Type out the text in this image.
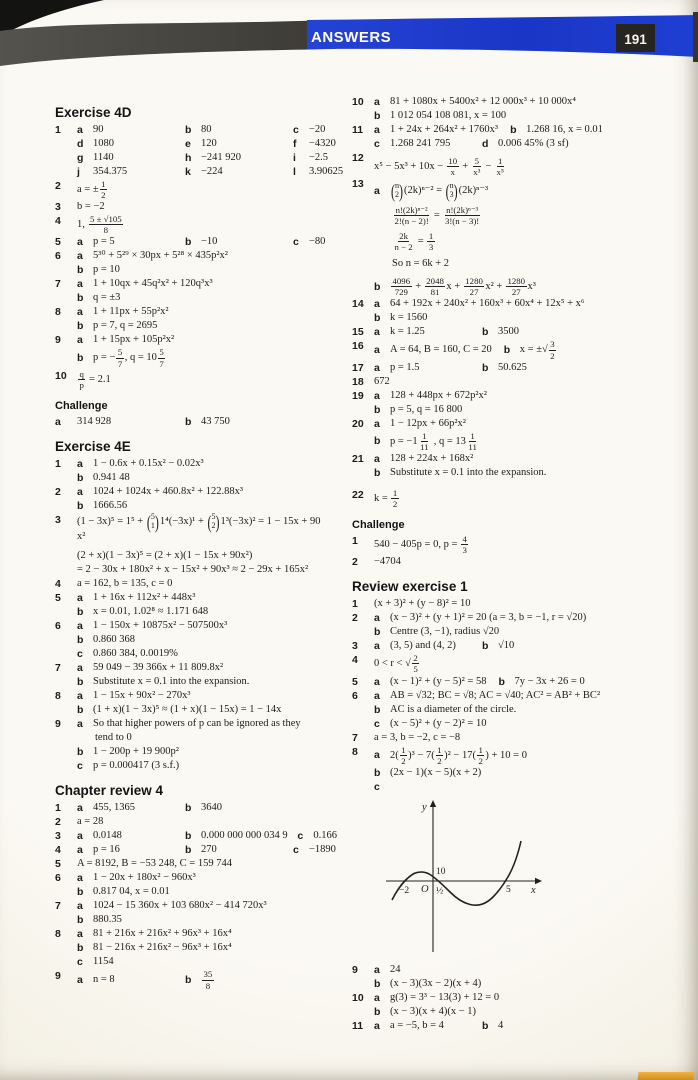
ANSWERS	191
Exercise 4D
1	a 90	b 80	c −20
d 1080	e 120	f	−4320
g 1140	h −241 920	i	−2.5
j	354.375	k −224	l	3.90625
2	a = ± $\frac{1}{2}$
3	b = −2
4	1, $\frac{5 \pm √105}{8}$
5	a p = 5	b −10	c −80
6	a 5³⁰ + 5²⁹ × 30px + 5²⁸ × 435p²x²
b p = 10
7	a 1 + 10qx + 45q²x² + 120q³x³
b q = ±3
8	a 1 + 11px + 55p²x²
b p = 7, q = 2695
9	a 1 + 15px + 105p²x²
b p = − $\frac{5}{7}$ , $q = 10 \frac{5}{7}$
10	$\frac{q}{p} = 2.1$
Challenge
a	314 928	b 43 750
Exercise 4E
1	a 1 − 0.6x + 0.15x² − 0.02x³
b 0.941 48
2	a 1024 + 1024x + 460.8x² + 122.88x³
b 1666.56
3	(1 − 3x)⁵ = 1⁵ + ( 5
1 ) 1⁴(−3x)¹ + ( 5
2 ) 1³(−3x)² = 1 − 15x + 90
x²
(2 + x)(1 − 3x)⁵ = (2 + x)(1 − 15x + 90x²)
= 2 − 30x + 180x² + x − 15x² + 90x³ ≈ 2 − 29x + 165x²
4	a = 162, b = 135, c = 0
5	a 1 + 16x + 112x² + 448x³
b x = 0.01, 1.02⁸ ≈ 1.171 648
6	a 1 − 150x + 10875x² − 507500x³
b 0.860 368
c 0.860 384, 0.0019%
7	a 59 049 − 39 366x + 11 809.8x²
b Substitute x = 0.1 into the expansion.
8	a 1 − 15x + 90x² − 270x³
b (1 + x)(1 − 3x)⁵ ≈ (1 + x)(1 − 15x) = 1 − 14x
9	a So that higher powers of p can be ignored as they
tend to 0
b 1 − 200p + 19 900p²
c p = 0.000417 (3 s.f.)
Chapter review 4
1	a 455, 1365	b 3640
2	a = 28
3	a 0.0148	b 0.000 000 000 034 9 c 0.166
4	a p = 16	b 270	c −1890
5	A = 8192, B = −53 248, C = 159 744
6	a 1 − 20x + 180x² − 960x³
b 0.817 04, x = 0.01
7	a 1024 − 15 360x + 103 680x² − 414 720x³
b 880.35
8	a 81 + 216x + 216x² + 96x³ + 16x⁴
b 81 − 216x + 216x² − 96x³ + 16x⁴
c 1154
9	a n = 8	b	$\frac{35}{8}$
10 a 81 + 1080x + 5400x² + 12 000x³ + 10 000x⁴
b 1 012 054 108 081, x = 100
11	a 1 + 24x + 264x² + 1760x³ b 1.268 16, x = 0.01
c 1.268 241 795	d 0.006 45% (3 sf)
12
$x^5 - 5x^3 + 10x - \frac{10}{x} + \frac{5}{\text{x³}} - \frac{1}{\text{x⁵}}$
13
a ( n
2 ) (2k)ⁿ⁻² = ( n
3 ) (2k)ⁿ⁻³
$\frac{\text{n!(2k)ⁿ⁻²}}{2!(n - 2)!} = \frac{\text{n!(2k)ⁿ⁻³}}{3!(n - 3)!}$
$\frac{2k}{n - 2} = \frac{1}{3}$
So n = 6k + 2
b	$\frac{4096}{729} + \frac{2048}{81}$ $x + \frac{1280}{27} x^2 + \frac{1280}{27} x^3$
14 a 64 + 192x + 240x² + 160x³ + 60x⁴ + 12x⁵ + x⁶
b k = 1560
15 a k = 1.25	b 3500
16 a A = 64, B = 160, C = 20 b x = ±√ $\frac{3}{2}$
17 a p = 1.5	b 50.625
18 672
19 a 128 + 448px + 672p²x²
b p = 5, q = 16 800
20 a 1 − 12px + 66p²x²
b $p = -1 \frac{1}{11}$ , $q = 13 \frac{1}{11}$
21 a 128 + 224x + 168x²
b Substitute x = 0.1 into the expansion.
22 $k = \frac{1}{2}$
Challenge
1	540 − 405p = 0, $p = \frac{4}{3}$
2	−4704
Review exercise 1
1	(x + 3)² + (y − 8)² = 10
2	a (x − 3)² + (y + 1)² = 20 (a = 3, b = −1, r = √20)
b Centre (3, −1), radius √20
3	a (3, 5) and (4, 2) b √10
4	0 < r < √ $\frac{2}{5}$
5	a (x − 1)² + (y − 5)² = 58 b 7y − 3x + 26 = 0
6	a AB = √32; BC = √8; AC = √40; AC² = AB² + BC²
b AC is a diameter of the circle.
c (x − 5)² + (y − 2)² = 10
7	a = 3, b = −2, c = −8
8	a $2( \frac{1}{2} )^3 - 7( \frac{1}{2} )^2 - 17( \frac{1}{2}$ ) + 10 = 0
b (2x − 1)(x − 5)(x + 2)
c
y
x
O
10
−2	½	5
9	a 24
b (x − 3)(3x − 2)(x + 4)
10 a g(3) = 3³ − 13(3) + 12 = 0
b (x − 3)(x + 4)(x − 1)
11	a a = −5, b = 4	b 4
